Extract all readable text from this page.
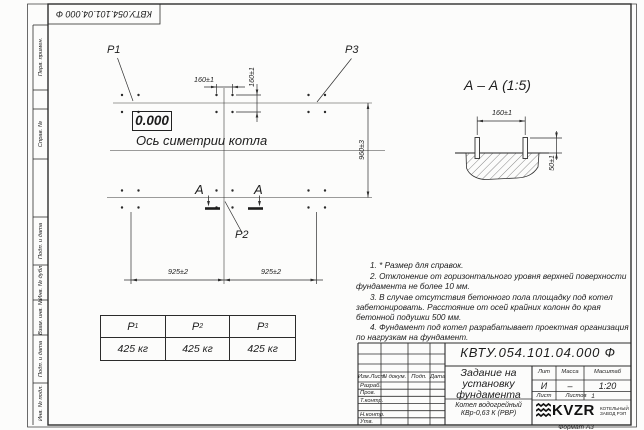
КВТУ.054.101.04.000 Ф
Перв. примен.
Справ. №
Подп. и дата
Инв. № дубл.
Взам. инв. №
Подп. и дата
Инв. № подл.
P1	P3
P2
0.000
Ось симетрии котла
160±1	160±1
960±3
925±2	925±2
А	А
А – А (1:5)
160±1
50±1
P 1	P 2	P 3
425 кг	425 кг	425 кг

1. * Размер для справок.

2. Отклонение от горизонтального уровня верхней поверхности фундамента не более 10 мм.

3. В случае отсутствия бетонного пола площадку под котел забетонировать. Расстояние от осей крайних колонн до края бетонной подушки 500 мм.

4. Фундамент под котел разрабатывает проектная организация по нагрузкам на фундамент.

КВТУ.054.101.04.000 Ф
Задание на установку фундамента
Котел водогрейный КВр-0,63 К (РВР)
Изм.Лист
N докум. Подп. Дата
Разраб.
Пров.
Т.контр.
Н.контр.
Утв.
Лит	Масса	Масштаб
И	–	1:20
Лист	Листов 1
KVZR КОТЕЛЬНЫЙ ЗАВОД РЭП
Формат А3
